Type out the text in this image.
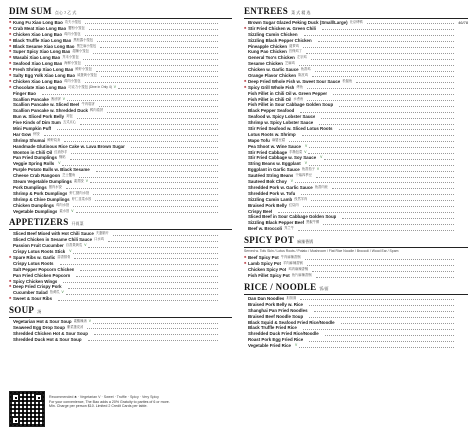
DIM SUM 点心 7 乙 式
♣ Kung Fu Xiao Long Bao 功夫小笼包
♣ Crab Meat Xiao Long Bao 蟹粉小笼包
♣ Chicken Xiao Long Bao 鸡肉小笼包
♣ Black Truffle Xiao Long Bao 黑松露小笼包
♣ Black Sesame Xiao Long Bao 黑芝麻小笼包
♣ Super Spicy Xiao Long Bao 超辣小笼包
♣ Wasabi Xiao Long Bao 芥末小笼包
♣ Seafood Xiao Long Bao 海鲜小笼包
♣ Fresh Shrimp Xiao Long Bao 鲜虾小笼包
♣ Salty Egg Yolk Xiao Long Bao 咸蛋黄小笼包
♣ Chicken Xiao Long Bao 鸡肉小笼包
♣ Chocolate Xiao Long Bao 巧克力小笼包 (Dine in Only 4) V
Finger Bao
Scallion Pancake 葱油饼 V
Scallion Pancake w. Sliced Beef 牛肉卷饼
Scallion Pancake w. Shredded Duck 鸭肉卷饼
Bun w. Sliced Pork Belly 刈包
Five Kinds of Dim Sum 五式点心
Mini Pumpkin Puff
Har Gow 虾饺
Shrimp Shumai 鲜虾烧卖
Handmade Glutinous Rice Cake w. Lava Brown Sugar
Wonton in Chili Oil 红油抄手
Pan Fried Dumplings 锅贴
Veggie Spring Rolls V
Purple Potato Balls w. Black Sesame
Cheese Crab Rangoon 芝士蟹角
Steam Vegetable Dumplings 素蒸饺 V
Pork Dumplings 猪肉水饺
Shrimp & Pork Dumplings 虾仁猪肉水饺
Shrimp & Chive Dumplings 虾仁韭菜水饺
Chicken Dumplings 鸡肉水饺
Vegetable Dumplings 素水饺 V
APPETIZERS 开胃菜
Sliced Beef Mixed with Hot Chili Sauce 夫妻肺片
Sliced Chicken in Sesame Chili Sauce 口水鸡
Passion Fruit Cucumber 百香果黄瓜 V
Crispy Lotus Roots Stick V
♣ Spare Ribs w. Garlic 蒜香排骨
Crispy Lotus Roots
Salt Pepper Popcorn Chicken
Pan Fried Chicken Popcorn
♣ Spicy Chicken Wings
♣ Deep Fried Crispy Pork
Cucumber Salad 拍黄瓜 V
♣ Sweet & Sour Ribs
SOUP 汤
Vegetarian Hot & Sour Soup 素酸辣汤 V
Seaweed Egg Drop Soup 紫菜蛋花汤
Shredded Chicken Hot & Sour Soup
Shredded Duck Hot & Sour Soup
ENTREES 菜 式 精 选
Brown Sugar Glazed Peking Duck (Small/Large) 北京烤鸭	46/78
♣ Stir Fried Chicken w. Green Chili
Sizzling Cumin Chicken
Sizzling Black Pepper Chicken
Pineapple Chicken 菠萝鸡
Kung Pao Chicken 宫保鸡丁
General Tso's Chicken 左宗鸡
Sesame Chicken 芝麻鸡
Chicken w. Garlic Sauce 鱼香鸡
Orange Flavor Chicken 陈皮鸡
♣ Deep Fried Whole Fish w. Sweet Sour Sauce 松鼠鱼
♣ Spicy Grill Whole Fish 烤鱼
Fish Fillet in Chili Oil w. Green Pepper
Fish Fillet in Chili Oil 水煮鱼
Fish Fillet in Sour Cabbage Golden Soup
Black Pepper Seafood
Seafood w. Spicy Lobster Sauce
Shrimp w. Spicy Lobster Sauce
Stir Fried Seafood w. Sliced Lotus Roots
Lotus Roots w. Shrimp
Mapo Tofu 麻婆豆腐
Pea Shoot w. Wine Sauce V
Stir Fried Cabbage 手撕包菜 V
Stir Fried Cabbage w. Soy Sauce V
String Beans w. Eggplant V
Eggplant in Garlic Sauce 鱼香茄子 V
Sautéed String Beans 干煸四季豆
Sauteed Bok Choy V
Shredded Pork w. Garlic Sauce 鱼香肉丝
Shredded Pork w. Tofu
Sizzling Cumin Lamb 孜然羊肉
Braised Pork Belly 红烧肉
Crispy Beef
Sliced Beef in Sour Cabbage Golden Soup
Sizzling Black Pepper Beef 黑椒牛柳
Beef w. Broccoli 芥兰牛
SPICY POT 麻辣香锅
Served w. Tofu Skin / Lotus Roots / Potato / Mushroom / Flat Rice Noodle / Broccoli / Wood Ear / Spam
♣ Beef Spicy Pot 牛肉麻辣香锅
♣ Lamb Spicy Pot 羊肉麻辣香锅
Chicken Spicy Pot 鸡肉麻辣香锅
Fish Fillet Spicy Pot 鱼片麻辣香锅
RICE / NOODLE 饭/面
Dan Dan Noodles 担担面
Braised Pork Belly w. Rice
Shanghai Pan Fried Noodles
Braised Beef Noodle Soup
Black Squid & Seafood Fried Rice/Noodle
Black Truffle Fried Rice
Shredded Duck Fried Rice/Noodle
Roast Pork Egg Fried Rice
Vegetable Fried Rice V
Recommended ♣ · Vegetarian V · Sweet · Truffle · Spicy · Very Spicy
For your convenience, The Bao adds a 20% Gratuity to parties of 6 or more.
Min. Charge per person $10. Limited 2 Credit Cards per table.
